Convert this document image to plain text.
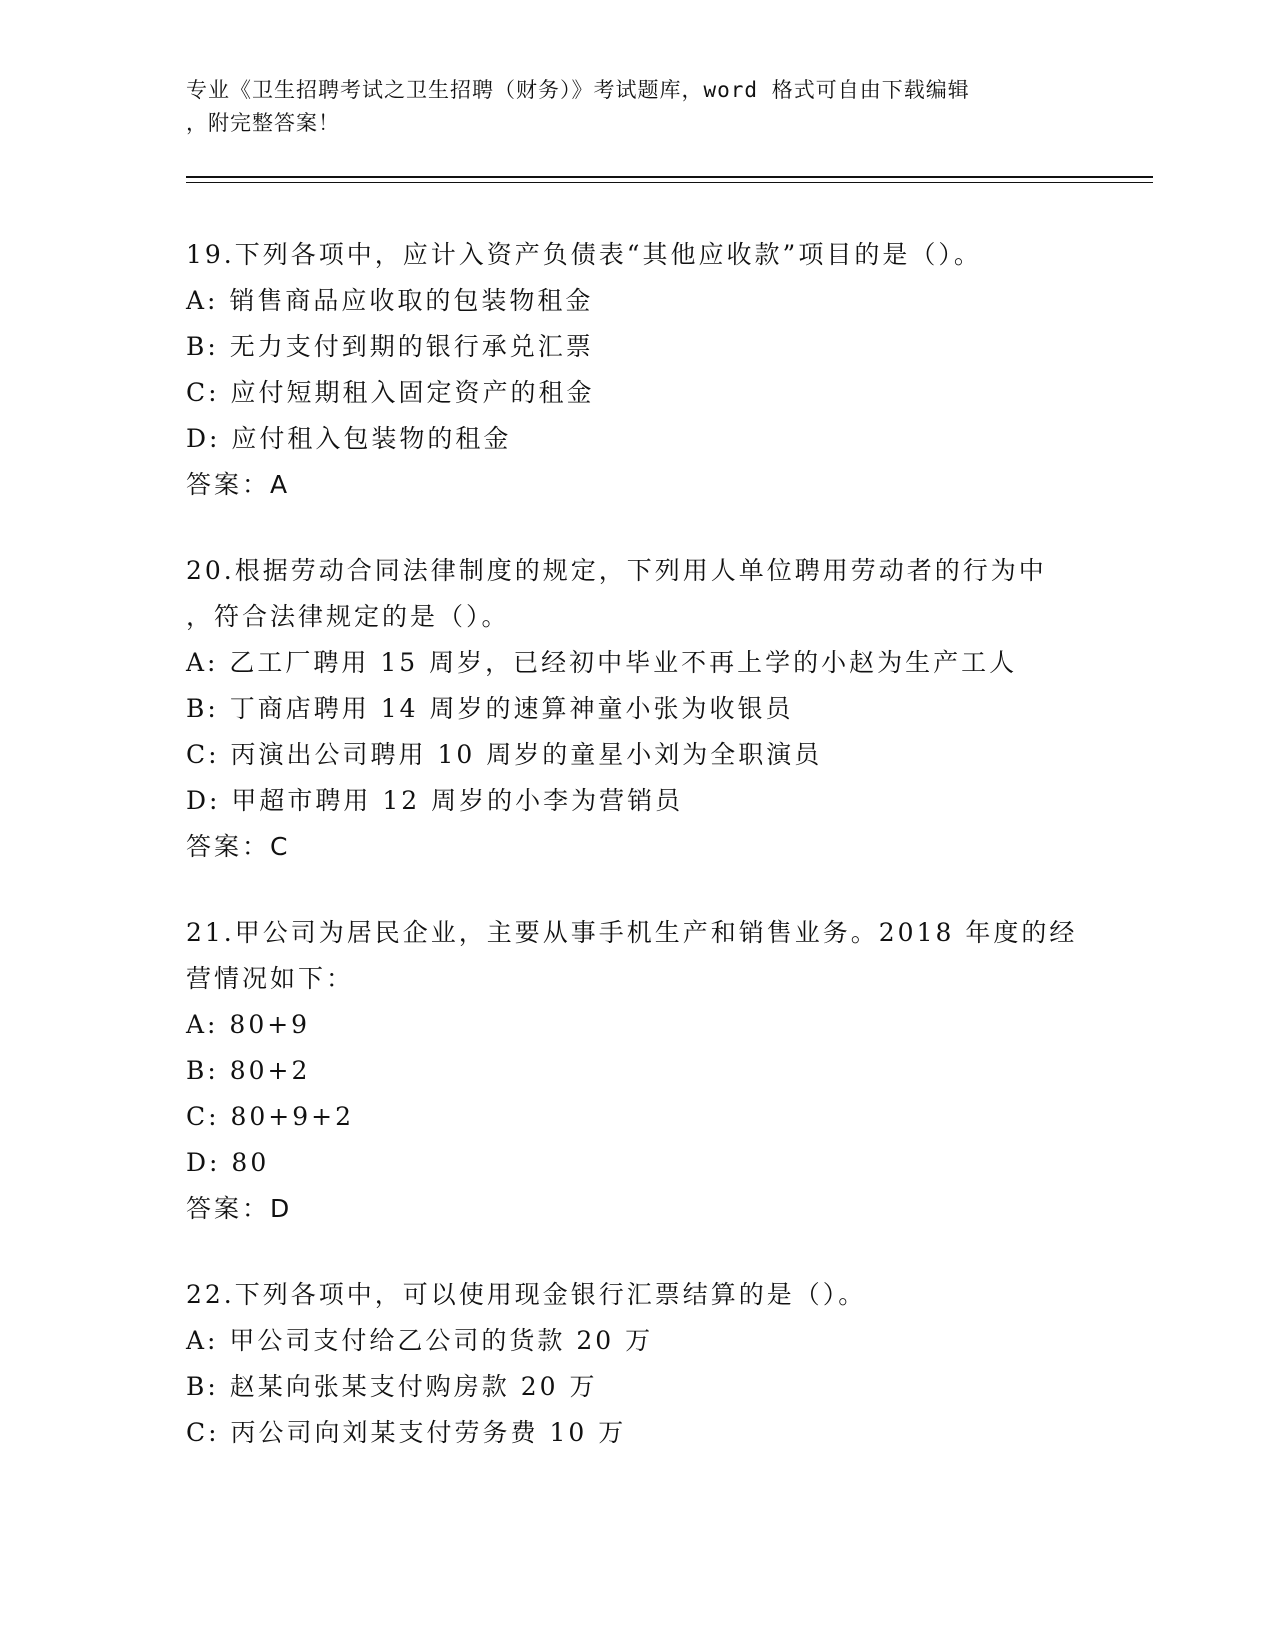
专业《卫生招聘考试之卫生招聘（财务）》考试题库，word 格式可自由下载编辑
，附完整答案！
19.下列各项中，应计入资产负债表“其他应收款”项目的是（）。
A: 销售商品应收取的包装物租金
B: 无力支付到期的银行承兑汇票
C: 应付短期租入固定资产的租金
D: 应付租入包装物的租金
答案：A
20.根据劳动合同法律制度的规定，下列用人单位聘用劳动者的行为中
，符合法律规定的是（）。
A: 乙工厂聘用 15 周岁，已经初中毕业不再上学的小赵为生产工人
B: 丁商店聘用 14 周岁的速算神童小张为收银员
C: 丙演出公司聘用 10 周岁的童星小刘为全职演员
D: 甲超市聘用 12 周岁的小李为营销员
答案：C
21.甲公司为居民企业，主要从事手机生产和销售业务。2018 年度的经
营情况如下：
A: 80+9
B: 80+2
C: 80+9+2
D: 80
答案：D
22.下列各项中，可以使用现金银行汇票结算的是（）。
A: 甲公司支付给乙公司的货款 20 万
B: 赵某向张某支付购房款 20 万
C: 丙公司向刘某支付劳务费 10 万
